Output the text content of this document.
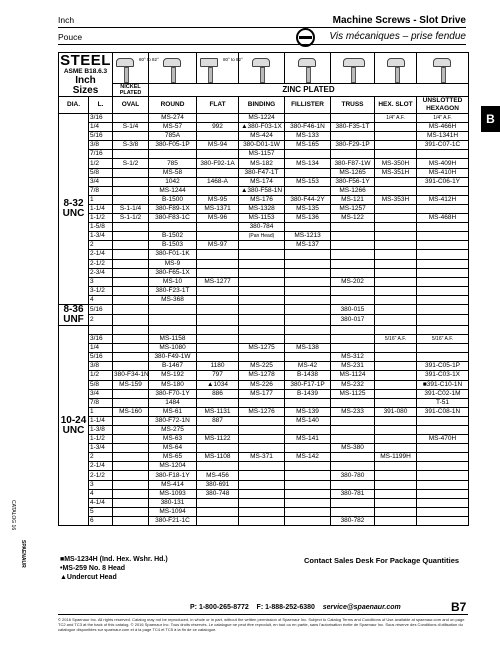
Inch
Pouce
Machine Screws - Slot Drive
Vis mécaniques – prise fendue
B
STEEL
ASME B18.6.3
Inch
Sizes		80° to 82°		80° to 82°					

		NICKEL PLATED	ZINC PLATED						
DIA.	L.	OVAL	ROUND	FLAT	BINDING	FILLISTER	TRUSS	HEX. SLOT	UNSLOTTED HEXAGON
8-32 UNC	3/16		MS-274		MS-1224			1/4" A.F.	1/4" A.F.
	1/4	S-1/4	MS-57	992	▲380-F03-1X	380-F46-1N	380-F35-1T		MS-466H
	5/16		785A		MS-424	MS-133			MS-1341H
	3/8	S-3/8	380-F05-1P	MS-94	380-D01-1W	MS-165	380-F29-1P		391-C07-1C
	7/16				MS-1157				
	1/2	S-1/2	785	380-F92-1A	MS-182	MS-134	380-F87-1W	MS-350H	MS-409H
	5/8		MS-58		380-F47-1T		MS-1265	MS-351H	MS-410H
	3/4		1042	1468-A	MS-174	MS-153	380-F56-1Y		391-C06-1Y
	7/8		MS-1244		▲380-F58-1N		MS-1266		
	1		B-1500	MS-95	MS-176	380-F44-2Y	MS-121	MS-353H	MS-412H
	1-1/4	S-1-1/4	380-F89-1X	MS-1371	MS-1328	MS-135	MS-1257		
	1-1/2	S-1-1/2	380-F83-1C	MS-96	MS-1153	MS-136	MS-122		MS-468H
	1-5/8				380-784				
	1-3/4		B-1502		(Pan Head)	MS-1213			
	2		B-1503	MS-97		MS-137			
	2-1/4		380-F01-1K						
	2-1/2		MS-9						
	2-3/4		380-F65-1X						
	3		MS-10	MS-1277			MS-202		
	3-1/2		380-F23-1T						
	4		MS-368						
8-36 UNF	5/16						380-015		
	2						380-017		
10-24 UNC									
	3/16		MS-1158					5/16" A.F.	5/16" A.F.
	1/4		MS-1080		MS-1275	MS-138			
	5/16		380-F49-1W				MS-312		
	3/8		B-1467	1180	MS-225	MS-42	MS-231		391-C05-1P
	1/2	380-F34-1N	MS-192	797	MS-1278	B-1438	MS-1124		391-C03-1X
	5/8	MS-159	MS-180	▲1034	MS-226	380-F17-1P	MS-232		■391-C10-1N
	3/4		380-F70-1Y	886	MS-177	B-1439	MS-1125		391-C02-1M
	7/8		1484						T-51
	1	MS-160	MS-61	MS-1131	MS-1276	MS-139	MS-233	391-080	391-C08-1N
	1-1/4		380-F72-1N	887		MS-140			
	1-3/8		MS-275						
	1-1/2		MS-63	MS-1122		MS-141			MS-470H
	1-3/4		MS-64				MS-380		
	2		MS-65	MS-1108	MS-371	MS-142		MS-1199H	
	2-1/4		MS-1204						
	2-1/2		380-F18-1Y	MS-456			380-780		
	3		MS-414	380-691					
	4		MS-1093	380-748			380-781		
	4-1/4		380-131						
	5		MS-1094						
	6		380-F21-1C				380-782		
■MS-1234H (Ind. Hex. Wshr. Hd.)
•MS-259 No. 8 Head
▲Undercut Head
Contact Sales Desk For Package Quantities
CATALOG 16
SPAENAUR
P: 1-800-265-8772 F: 1-888-252-6380 service@spaenaur.com	B7
© 2016 Spaenaur Inc. All rights reserved. Catalog may not be reproduced, in whole or in part, without the written permission of Spaenaur Inc. Subject to Catalog Terms and Conditions of Use available at spaenaur.com and on page TC2 and TC3 at the back of this catalog. © 2016 Spaenaur Inc. Tous droits réservés. Le catalogue ne peut être reproduit, en tout ou en partie, sans l'autorisation écrite de Spaenaur Inc. Sous réserve des Conditions d'utilisation du catalogue disponibles sur spaenaur.com et à la page TC4 et TC5 à la fin de ce catalogue.
